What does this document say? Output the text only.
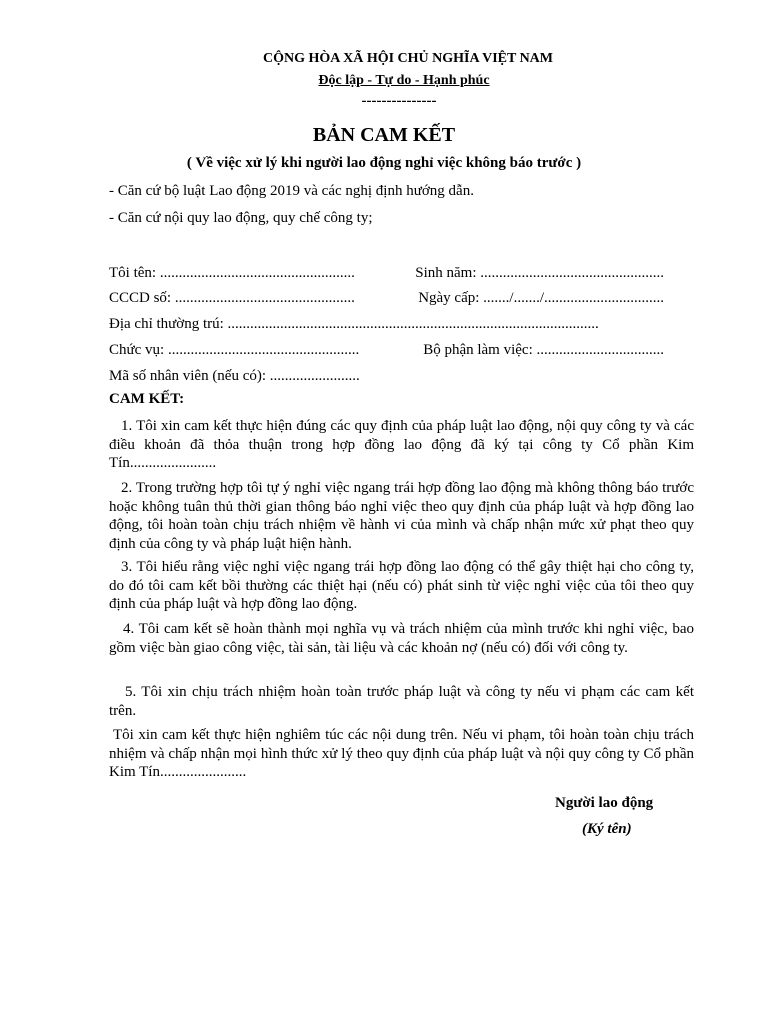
CỘNG HÒA XÃ HỘI CHỦ NGHĨA VIỆT NAM
Độc lập - Tự do - Hạnh phúc
---------------
BẢN CAM KẾT
( Về việc xử lý khi người lao động nghỉ việc không báo trước )
- Căn cứ bộ luật Lao động 2019 và các nghị định hướng dẫn.
- Căn cứ nội quy lao động, quy chế công ty;
Tôi tên: ....................................................	Sinh năm: .................................................
CCCD số: ................................................	Ngày cấp: ......./......./................................
Địa chỉ thường trú: ...................................................................................................
Chức vụ: ...................................................	Bộ phận làm việc: ..................................
Mã số nhân viên (nếu có): ........................
CAM KẾT:
1. Tôi xin cam kết thực hiện đúng các quy định của pháp luật lao động, nội quy công ty và các điều khoản đã thỏa thuận trong hợp đồng lao động đã ký tại công ty Cổ phần Kim Tín.......................
2. Trong trường hợp tôi tự ý nghỉ việc ngang trái hợp đồng lao động mà không thông báo trước hoặc không tuân thủ thời gian thông báo nghỉ việc theo quy định của pháp luật và hợp đồng lao động, tôi hoàn toàn chịu trách nhiệm về hành vi của mình và chấp nhận mức xử phạt theo quy định của công ty và pháp luật hiện hành.
3. Tôi hiểu rằng việc nghỉ việc ngang trái hợp đồng lao động có thể gây thiệt hại cho công ty, do đó tôi cam kết bồi thường các thiệt hại (nếu có) phát sinh từ việc nghỉ việc của tôi theo quy định của pháp luật và hợp đồng lao động.
4. Tôi cam kết sẽ hoàn thành mọi nghĩa vụ và trách nhiệm của mình trước khi nghỉ việc, bao gồm việc bàn giao công việc, tài sản, tài liệu và các khoản nợ (nếu có) đối với công ty.
5. Tôi xin chịu trách nhiệm hoàn toàn trước pháp luật và công ty nếu vi phạm các cam kết trên.
Tôi xin cam kết thực hiện nghiêm túc các nội dung trên. Nếu vi phạm, tôi hoàn toàn chịu trách nhiệm và chấp nhận mọi hình thức xử lý theo quy định của pháp luật và nội quy công ty Cổ phần Kim Tín.......................
Người lao động
(Ký tên)
